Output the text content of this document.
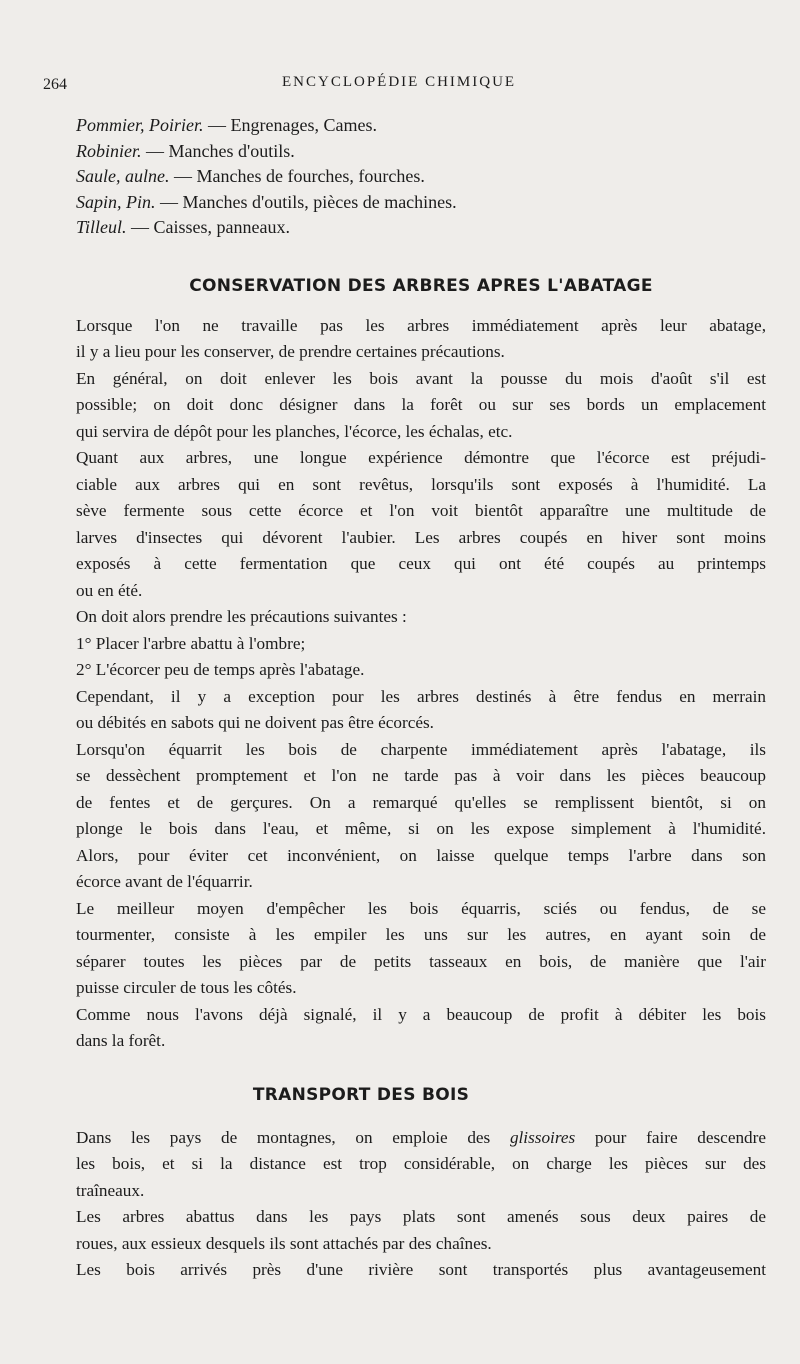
264	ENCYCLOPÉDIE CHIMIQUE
Pommier, Poirier. — Engrenages, Cames.
Robinier. — Manches d'outils.
Saule, aulne. — Manches de fourches, fourches.
Sapin, Pin. — Manches d'outils, pièces de machines.
Tilleul. — Caisses, panneaux.
CONSERVATION DES ARBRES APRES L'ABATAGE

Lorsque l'on ne travaille pas les arbres immédiatement après leur abatage,
il y a lieu pour les conserver, de prendre certaines précautions.

En général, on doit enlever les bois avant la pousse du mois d'août s'il est
possible; on doit donc désigner dans la forêt ou sur ses bords un emplacement
qui servira de dépôt pour les planches, l'écorce, les échalas, etc.

Quant aux arbres, une longue expérience démontre que l'écorce est préjudi-
ciable aux arbres qui en sont revêtus, lorsqu'ils sont exposés à l'humidité. La
sève fermente sous cette écorce et l'on voit bientôt apparaître une multitude de
larves d'insectes qui dévorent l'aubier. Les arbres coupés en hiver sont moins
exposés à cette fermentation que ceux qui ont été coupés au printemps
ou en été.

On doit alors prendre les précautions suivantes :

1° Placer l'arbre abattu à l'ombre;

2° L'écorcer peu de temps après l'abatage.

Cependant, il y a exception pour les arbres destinés à être fendus en merrain
ou débités en sabots qui ne doivent pas être écorcés.

Lorsqu'on équarrit les bois de charpente immédiatement après l'abatage, ils
se dessèchent promptement et l'on ne tarde pas à voir dans les pièces beaucoup
de fentes et de gerçures. On a remarqué qu'elles se remplissent bientôt, si on
plonge le bois dans l'eau, et même, si on les expose simplement à l'humidité.
Alors, pour éviter cet inconvénient, on laisse quelque temps l'arbre dans son
écorce avant de l'équarrir.

Le meilleur moyen d'empêcher les bois équarris, sciés ou fendus, de se
tourmenter, consiste à les empiler les uns sur les autres, en ayant soin de
séparer toutes les pièces par de petits tasseaux en bois, de manière que l'air
puisse circuler de tous les côtés.

Comme nous l'avons déjà signalé, il y a beaucoup de profit à débiter les bois
dans la forêt.

TRANSPORT DES BOIS

Dans les pays de montagnes, on emploie des glissoires pour faire descendre
les bois, et si la distance est trop considérable, on charge les pièces sur des
traîneaux.

Les arbres abattus dans les pays plats sont amenés sous deux paires de
roues, aux essieux desquels ils sont attachés par des chaînes.

Les bois arrivés près d'une rivière sont transportés plus avantageusement
